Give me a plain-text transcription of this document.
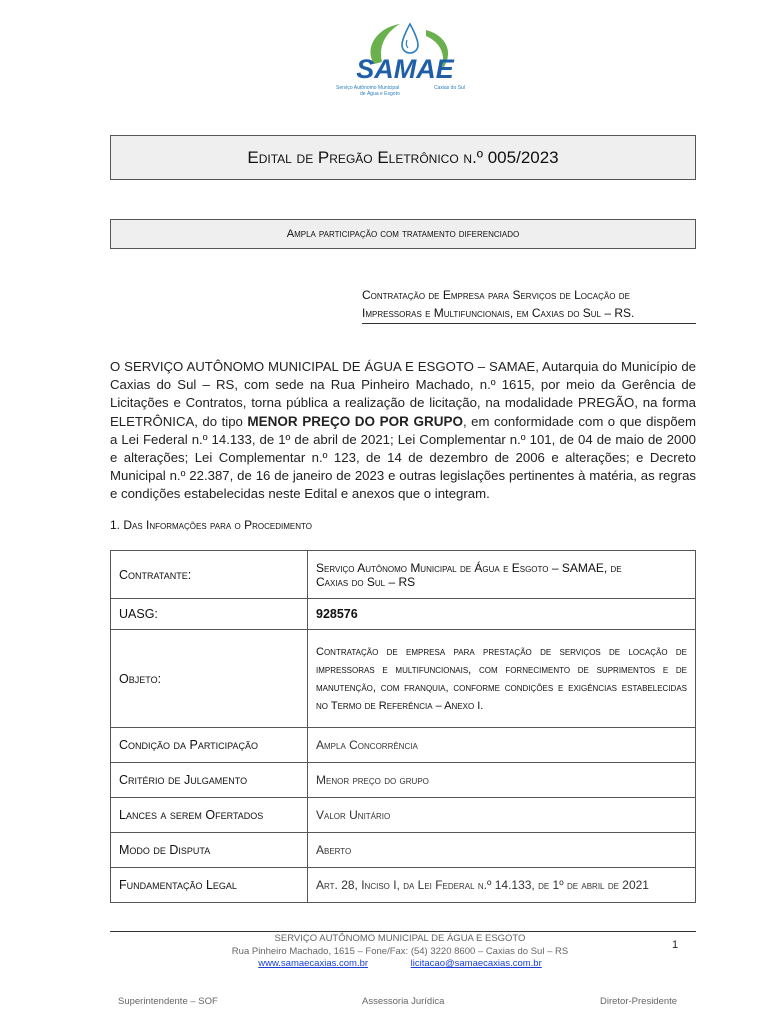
SAMAE
Serviço Autônomo Municipal
de Água e Esgoto
Caxias do Sul
Edital de Pregão Eletrônico n.º 005/2023
Ampla participação com tratamento diferenciado
Contratação de Empresa para Serviços de Locação de
Impressoras e Multifuncionais, em Caxias do Sul – RS.
O SERVIÇO AUTÔNOMO MUNICIPAL DE ÁGUA E ESGOTO – SAMAE, Autarquia do Município de Caxias do Sul – RS, com sede na Rua Pinheiro Machado, n.º 1615, por meio da Gerência de Licitações e Contratos, torna pública a realização de licitação, na modalidade PREGÃO, na forma ELETRÔNICA, do tipo MENOR PREÇO DO POR GRUPO, em conformidade com o que dispõem a Lei Federal n.º 14.133, de 1º de abril de 2021; Lei Complementar n.º 101, de 04 de maio de 2000 e alterações; Lei Complementar n.º 123, de 14 de dezembro de 2006 e alterações; e Decreto Municipal n.º 22.387, de 16 de janeiro de 2023 e outras legislações pertinentes à matéria, as regras e condições estabelecidas neste Edital e anexos que o integram.
1. Das Informações para o Procedimento
Contratante:	Serviço Autônomo Municipal de Água e Esgoto – SAMAE, de
Caxias do Sul – RS
UASG:	928576
Objeto:	Contratação de empresa para prestação de serviços de locação de impressoras e multifuncionais, com fornecimento de suprimentos e de manutenção, com franquia, conforme condições e exigências estabelecidas no Termo de Referência – Anexo I.
Condição da Participação	Ampla Concorrência
Critério de Julgamento	Menor preço do grupo
Lances a serem Ofertados	Valor Unitário
Modo de Disputa	Aberto
Fundamentação Legal	Art. 28, Inciso I, da Lei Federal n.º 14.133, de 1º de abril de 2021
SERVIÇO AUTÔNOMO MUNICIPAL DE ÁGUA E ESGOTO
Rua Pinheiro Machado, 1615 – Fone/Fax: (54) 3220 8600 – Caxias do Sul – RS
www.samaecaxias.com.br	licitacao@samaecaxias.com.br
1
Superintendente – SOF	Assessoria Jurídica	Diretor-Presidente
